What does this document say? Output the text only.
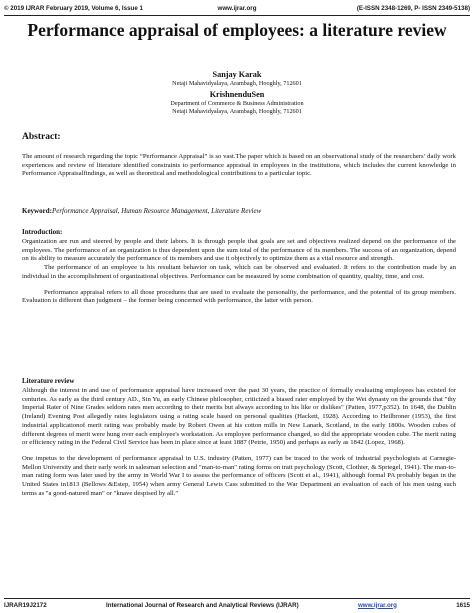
© 2019 IJRAR February 2019, Volume 6, Issue 1	www.ijrar.org	(E-ISSN 2348-1269, P- ISSN 2349-5138)
Performance appraisal of employees: a literature review
Sanjay Karak
Netaji Mahavidyalaya, Arambagh, Hooghly, 712601
KrishnenduSen
Department of Commerce & Business Administration
Netaji Mahavidyalaya, Arambagh, Hooghly, 712601
Abstract:

The amount of research regarding the topic “Performance Appraisal” is so vast.The paper which is based on an observational study of the researchers’ daily work experiences and review of literature identified constraints to performance appraisal in employees in the institutions, which includes the current knowledge in Performance Appraisalfindings, as well as theoretical and methodological contributions to a particular topic.

Keyword:Performance Appraisal, Human Resource Management, Literature Review
Introduction:

Organization are run and steered by people and their labors. It is through people that goals are set and objectives realized depend on the performance of the employees. The performance of an organization is thus dependent upon the sum total of the performance of its members. The success of an organization, depend on its ability to measure accurately the performance of its members and use it objectively to optimize them as a vital resource and strength.

The performance of an employee is his resultant behavior on task, which can be observed and evaluated. It refers to the contribution made by an individual in the accomplishment of organizational objectives. Performance can be measured by some combination of quantity, quality, time, and cost.

Performance appraisal refers to all those procedures that are used to evaluate the personality, the performance, and the potential of its group members. Evaluation is different than judgment – the former being concerned with performance, the latter with person.

Literature review

Although the interest in and use of performance appraisal have increased over the past 30 years, the practice of formally evaluating employees has existed for centuries. As early as the third century AD., Sin Yu, an early Chinese philosopher, criticized a biased rater employed by the Wei dynasty on the grounds that "thy Imperial Rater of Nine Grades seldom rates men according to their merits but always according to his like or dislikes" (Patten, 1977,p352). In 1648, the Dublin (Ireland) Evening Post allegedly rates legislators using a rating scale based on personal qualities (Hackett, 1928). According to Heilbroner (1953), the first industrial applicationof merit rating was probably made by Robert Owen at his cotton mills in New Lanark, Scotland, in the early 1800s. Wooden cubes of different degrees of merit were hung over each employee's workstation. As employee performance changed, so did the appropriate wooden cube. The merit rating or efficiency rating in the Federal Civil Service has been in place since at least 1887 (Petrie, 1950) and perhaps as early as 1842 (Lopez, 1968).

One impetus to the development of performance appraisal in U.S. industry (Patten, 1977) can be traced to the work of industrial psychologists at Carnegie-Mellon University and their early work in salesman selection and "man-to-man" rating forms on trait psychology (Scott, Clothier, & Spriegel, 1941). The man-to-man rating form was later used by the army in World War I to assess the performance of officers (Scott et al., 1941), although formal PA probably began in the United States in1813 (Bellows &Estep, 1954) when army General Lewis Cass submitted to the War Department an evaluation of each of his men using such terms as "a good-natured man" or "knave despised by all."

IJRAR19J2172	International Journal of Research and Analytical Reviews (IJRAR)	www.ijrar.org	1615
